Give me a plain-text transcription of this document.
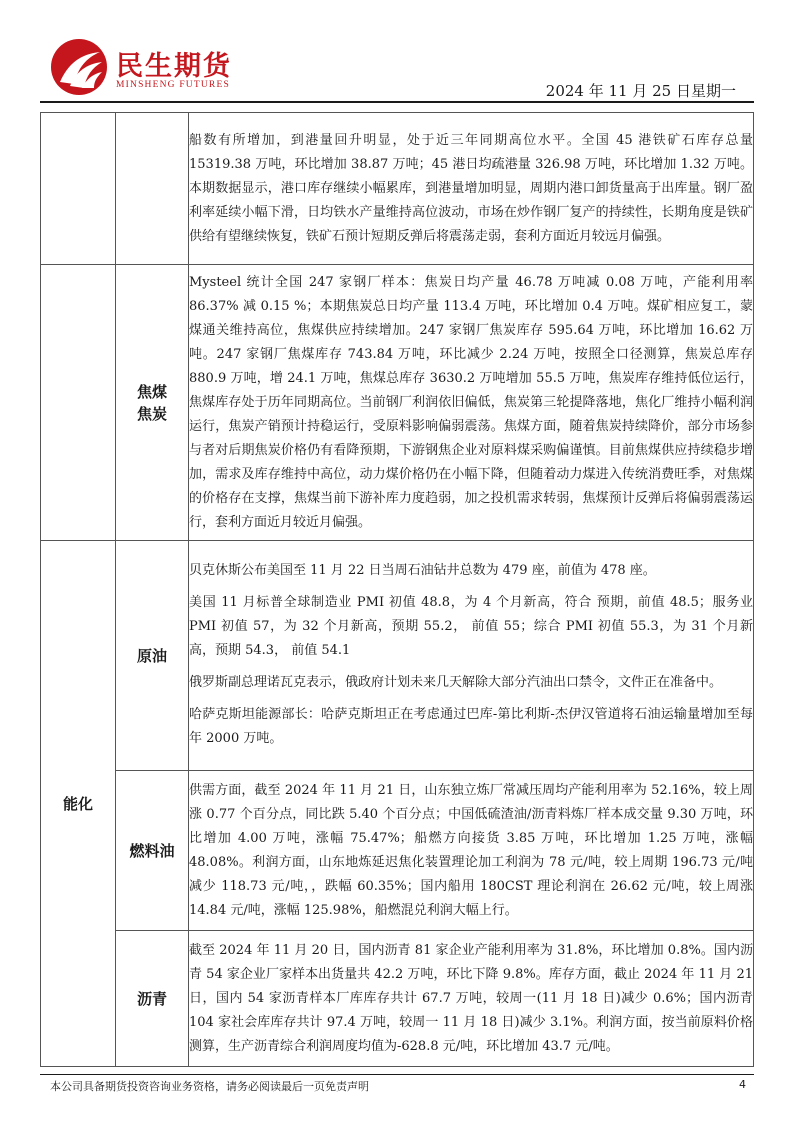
民生期货
MINSHENG FUTURES	2024 年 11 月 25 日星期一

		船数有所增加，到港量回升明显，处于近三年同期高位水平。全国 45 港铁矿石库存总量 15319.38 万吨，环比增加 38.87 万吨；45 港日均疏港量 326.98 万吨，环比增加 1.32 万吨。本期数据显示，港口库存继续小幅累库，到港量增加明显，周期内港口卸货量高于出库量。钢厂盈利率延续小幅下滑，日均铁水产量维持高位波动，市场在炒作钢厂复产的持续性，长期角度是铁矿供给有望继续恢复，铁矿石预计短期反弹后将震荡走弱，套利方面近月较远月偏强。

	焦煤
焦炭	Mysteel 统计全国 247 家钢厂样本：焦炭日均产量 46.78 万吨减 0.08 万吨，产能利用率 86.37% 减 0.15 %；本期焦炭总日均产量 113.4 万吨，环比增加 0.4 万吨。煤矿相应复工，蒙煤通关维持高位，焦煤供应持续增加。247 家钢厂焦炭库存 595.64 万吨，环比增加 16.62 万吨。247 家钢厂焦煤库存 743.84 万吨，环比减少 2.24 万吨，按照全口径测算，焦炭总库存 880.9 万吨，增 24.1 万吨，焦煤总库存 3630.2 万吨增加 55.5 万吨，焦炭库存维持低位运行，焦煤库存处于历年同期高位。当前钢厂利润依旧偏低，焦炭第三轮提降落地，焦化厂维持小幅利润运行，焦炭产销预计持稳运行，受原料影响偏弱震荡。焦煤方面，随着焦炭持续降价，部分市场参与者对后期焦炭价格仍有看降预期，下游钢焦企业对原料煤采购偏谨慎。目前焦煤供应持续稳步增加，需求及库存维持中高位，动力煤价格仍在小幅下降，但随着动力煤进入传统消费旺季，对焦煤的价格存在支撑，焦煤当前下游补库力度趋弱，加之投机需求转弱，焦煤预计反弹后将偏弱震荡运行，套利方面近月较近月偏强。

能化	原油	贝克休斯公布美国至 11 月 22 日当周石油钻井总数为 479 座，前值为 478 座。

美国 11 月标普全球制造业 PMI 初值 48.8，为 4 个月新高，符合 预期，前值 48.5；服务业 PMI 初值 57，为 32 个月新高，预期 55.2， 前值 55；综合 PMI 初值 55.3，为 31 个月新高，预期 54.3， 前值 54.1

俄罗斯副总理诺瓦克表示，俄政府计划未来几天解除大部分汽油出口禁令，文件正在准备中。

哈萨克斯坦能源部长：哈萨克斯坦正在考虑通过巴库-第比利斯-杰伊汉管道将石油运输量增加至每年 2000 万吨。

	燃料油	供需方面，截至 2024 年 11 月 21 日，山东独立炼厂常减压周均产能利用率为 52.16%，较上周涨 0.77 个百分点，同比跌 5.40 个百分点；中国低硫渣油/沥青料炼厂样本成交量 9.30 万吨，环比增加 4.00 万吨，涨幅 75.47%；船燃方向接货 3.85 万吨，环比增加 1.25 万吨，涨幅 48.08%。利润方面，山东地炼延迟焦化装置理论加工利润为 78 元/吨，较上周期 196.73 元/吨减少 118.73 元/吨，，跌幅 60.35%；国内船用 180CST 理论利润在 26.62 元/吨，较上周涨 14.84 元/吨，涨幅 125.98%，船燃混兑利润大幅上行。

	沥青	截至 2024 年 11 月 20 日，国内沥青 81 家企业产能利用率为 31.8%，环比增加 0.8%。国内沥青 54 家企业厂家样本出货量共 42.2 万吨，环比下降 9.8%。库存方面，截止 2024 年 11 月 21 日，国内 54 家沥青样本厂库库存共计 67.7 万吨，较周一(11 月 18 日)减少 0.6%；国内沥青 104 家社会库库存共计 97.4 万吨，较周一 11 月 18 日)减少 3.1%。利润方面，按当前原料价格测算，生产沥青综合利润周度均值为-628.8 元/吨，环比增加 43.7 元/吨。

本公司具备期货投资咨询业务资格，请务必阅读最后一页免责声明	4
